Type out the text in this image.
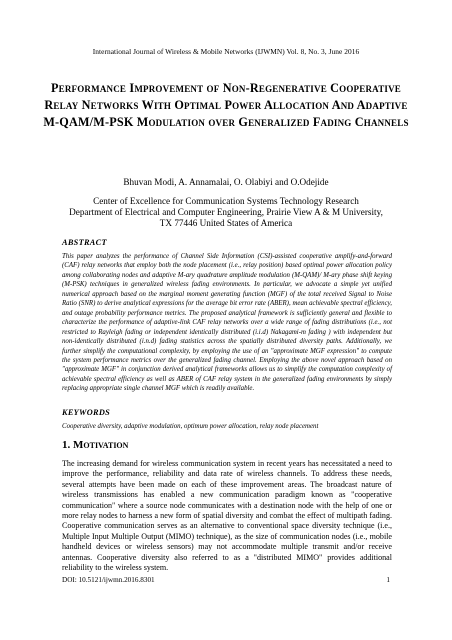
International Journal of Wireless & Mobile Networks (IJWMN) Vol. 8, No. 3, June 2016
Performance Improvement of Non-Regenerative Cooperative Relay Networks With Optimal Power Allocation And Adaptive M-QAM/M-PSK Modulation over Generalized Fading Channels
Bhuvan Modi, A. Annamalai, O. Olabiyi and O.Odejide
Center of Excellence for Communication Systems Technology Research
Department of Electrical and Computer Engineering, Prairie View A & M University,
TX 77446 United States of America
ABSTRACT
This paper analyzes the performance of Channel Side Information (CSI)-assisted cooperative amplify-and-forward (CAF) relay networks that employ both the node placement (i.e., relay position) based optimal power allocation policy among collaborating nodes and adaptive M-ary quadrature amplitude modulation (M-QAM)/ M-ary phase shift keying (M-PSK) techniques in generalized wireless fading environments. In particular, we advocate a simple yet unified numerical approach based on the marginal moment generating function (MGF) of the total received Signal to Noise Ratio (SNR) to derive analytical expressions for the average bit error rate (ABER), mean achievable spectral efficiency, and outage probability performance metrics. The proposed analytical framework is sufficiently general and flexible to characterize the performance of adaptive-link CAF relay networks over a wide range of fading distributions (i.e., not restricted to Rayleigh fading or independent identically distributed (i.i.d) Nakagami-m fading ) with independent but non-identically distributed (i.n.d) fading statistics across the spatially distributed diversity paths. Additionally, we further simplify the computational complexity, by employing the use of an "approximate MGF expression" to compute the system performance metrics over the generalized fading channel. Employing the above novel approach based on "approximate MGF" in conjunction derived analytical frameworks allows us to simplify the computation complexity of achievable spectral efficiency as well as ABER of CAF relay system in the generalized fading environments by simply replacing appropriate single channel MGF which is readily available.
KEYWORDS
Cooperative diversity, adaptive modulation, optimum power allocation, relay node placement
1. Motivation
The increasing demand for wireless communication system in recent years has necessitated a need to improve the performance, reliability and data rate of wireless channels. To address these needs, several attempts have been made on each of these improvement areas. The broadcast nature of wireless transmissions has enabled a new communication paradigm known as "cooperative communication" where a source node communicates with a destination node with the help of one or more relay nodes to harness a new form of spatial diversity and combat the effect of multipath fading. Cooperative communication serves as an alternative to conventional space diversity technique (i.e., Multiple Input Multiple Output (MIMO) technique), as the size of communication nodes (i.e., mobile handheld devices or wireless sensors) may not accommodate multiple transmit and/or receive antennas. Cooperative diversity also referred to as a "distributed MIMO" provides additional reliability to the wireless system.
DOI: 10.5121/ijwmn.2016.8301	1
